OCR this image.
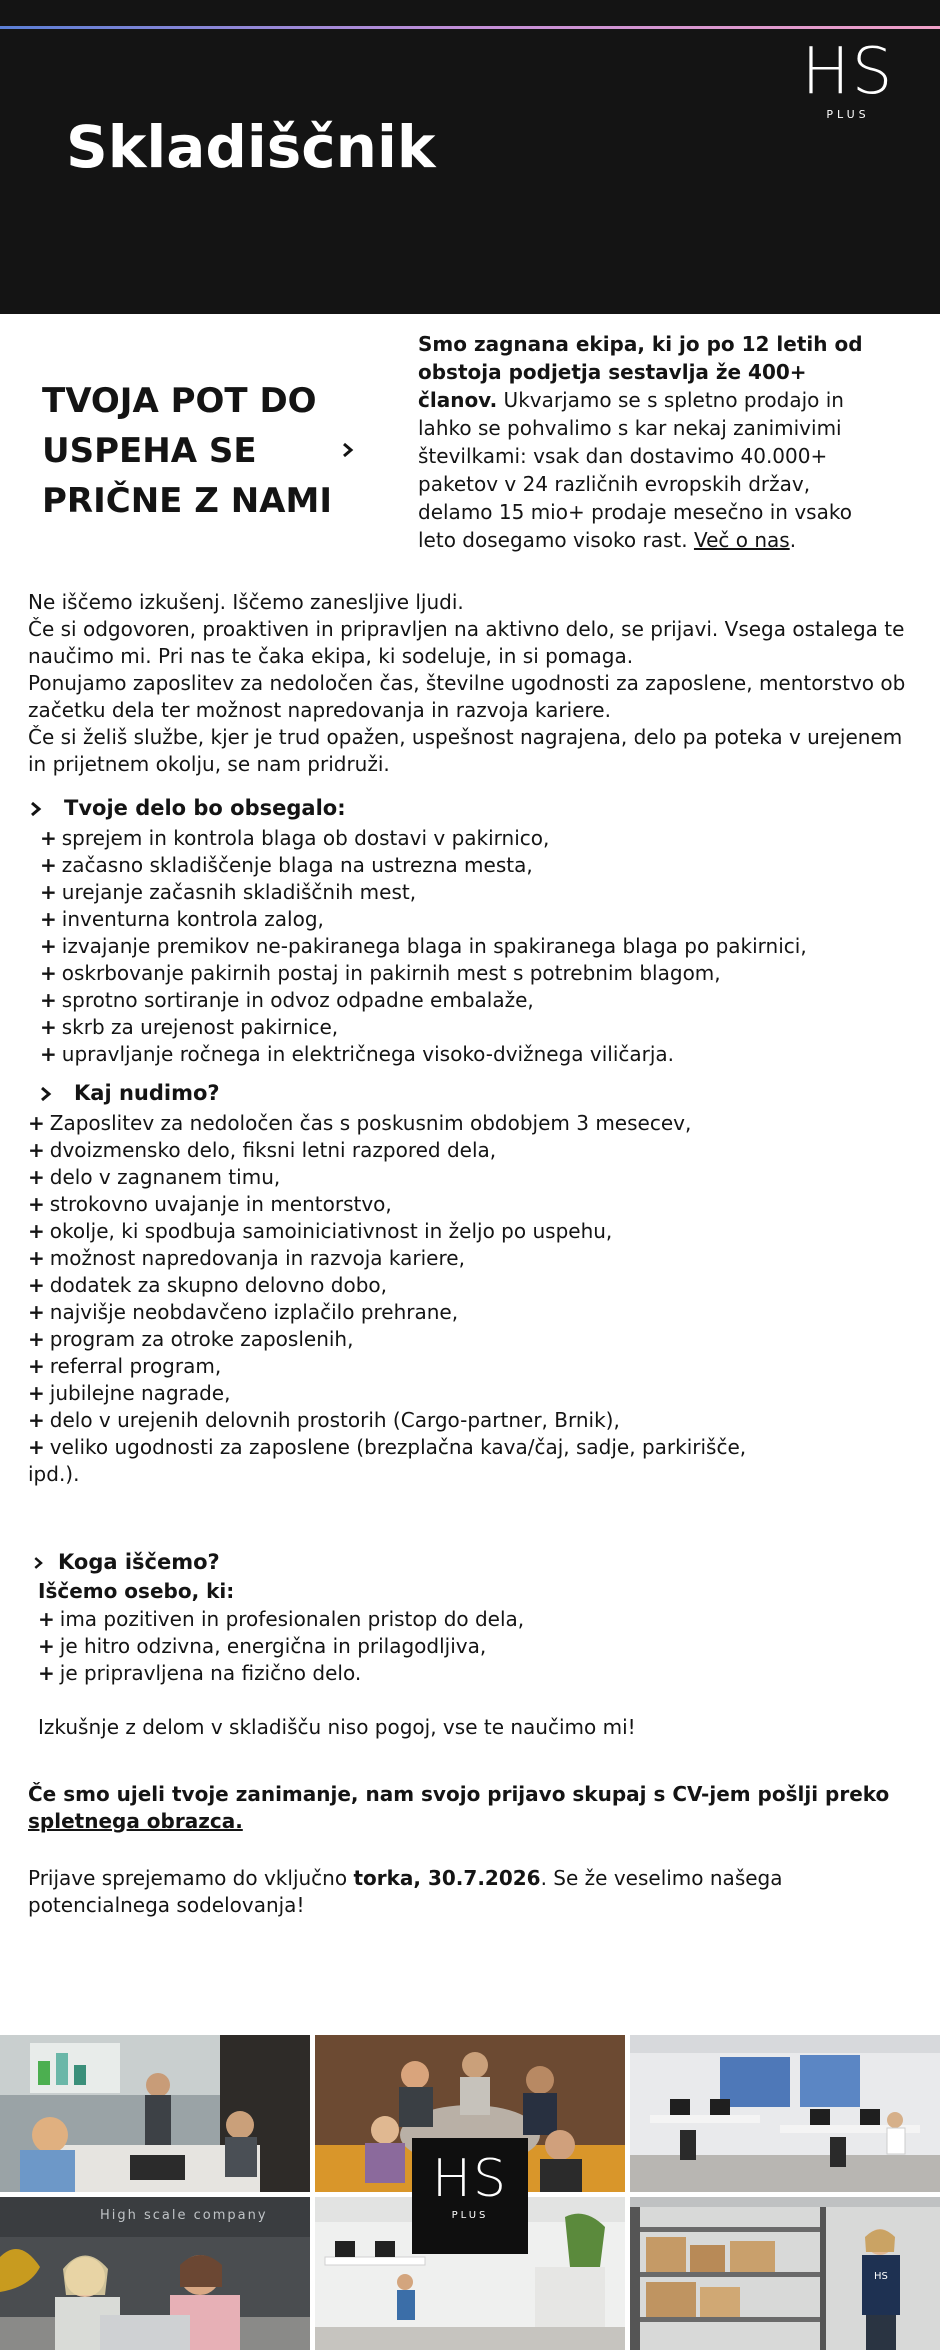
HS
PLUS
Skladiščnik
TVOJA POT DO
USPEHA SE
PRIČNE Z NAMI

Smo zagnana ekipa, ki jo po 12 letih od obstoja podjetja sestavlja že 400+ članov. Ukvarjamo se s spletno prodajo in lahko se pohvalimo s kar nekaj zanimivimi številkami: vsak dan dostavimo 40.000+ paketov v 24 različnih evropskih držav, delamo 15 mio+ prodaje mesečno in vsako leto dosegamo visoko rast. Več o nas.

Ne iščemo izkušenj. Iščemo zanesljive ljudi.

Če si odgovoren, proaktiven in pripravljen na aktivno delo, se prijavi. Vsega ostalega te naučimo mi. Pri nas te čaka ekipa, ki sodeluje, in si pomaga.

Ponujamo zaposlitev za nedoločen čas, številne ugodnosti za zaposlene, mentorstvo ob začetku dela ter možnost napredovanja in razvoja kariere.

Če si želiš službe, kjer je trud opažen, uspešnost nagrajena, delo pa poteka v urejenem in prijetnem okolju, se nam pridruži.

Tvoje delo bo obsegalo:
+ sprejem in kontrola blaga ob dostavi v pakirnico,
+ začasno skladiščenje blaga na ustrezna mesta,
+ urejanje začasnih skladiščnih mest,
+ inventurna kontrola zalog,
+ izvajanje premikov ne-pakiranega blaga in spakiranega blaga po pakirnici,
+ oskrbovanje pakirnih postaj in pakirnih mest s potrebnim blagom,
+ sprotno sortiranje in odvoz odpadne embalaže,
+ skrb za urejenost pakirnice,
+ upravljanje ročnega in električnega visoko-dvižnega viličarja.
Kaj nudimo?
+ Zaposlitev za nedoločen čas s poskusnim obdobjem 3 mesecev,
+ dvoizmensko delo, fiksni letni razpored dela,
+ delo v zagnanem timu,
+ strokovno uvajanje in mentorstvo,
+ okolje, ki spodbuja samoiniciativnost in željo po uspehu,
+ možnost napredovanja in razvoja kariere,
+ dodatek za skupno delovno dobo,
+ najvišje neobdavčeno izplačilo prehrane,
+ program za otroke zaposlenih,
+ referral program,
+ jubilejne nagrade,
+ delo v urejenih delovnih prostorih (Cargo-partner, Brnik),
+ veliko ugodnosti za zaposlene (brezplačna kava/čaj, sadje, parkirišče,
ipd.).
Koga iščemo?
Iščemo osebo, ki:
+ ima pozitiven in profesionalen pristop do dela,
+ je hitro odzivna, energična in prilagodljiva,
+ je pripravljena na fizično delo.
Izkušnje z delom v skladišču niso pogoj, vse te naučimo mi!
Če smo ujeli tvoje zanimanje, nam svojo prijavo skupaj s CV-jem pošlji preko
spletnega obrazca.
Prijave sprejemamo do vključno torka, 30.7.2026. Se že veselimo našega potencialnega sodelovanja!
High scale company
HS
HS
PLUS
